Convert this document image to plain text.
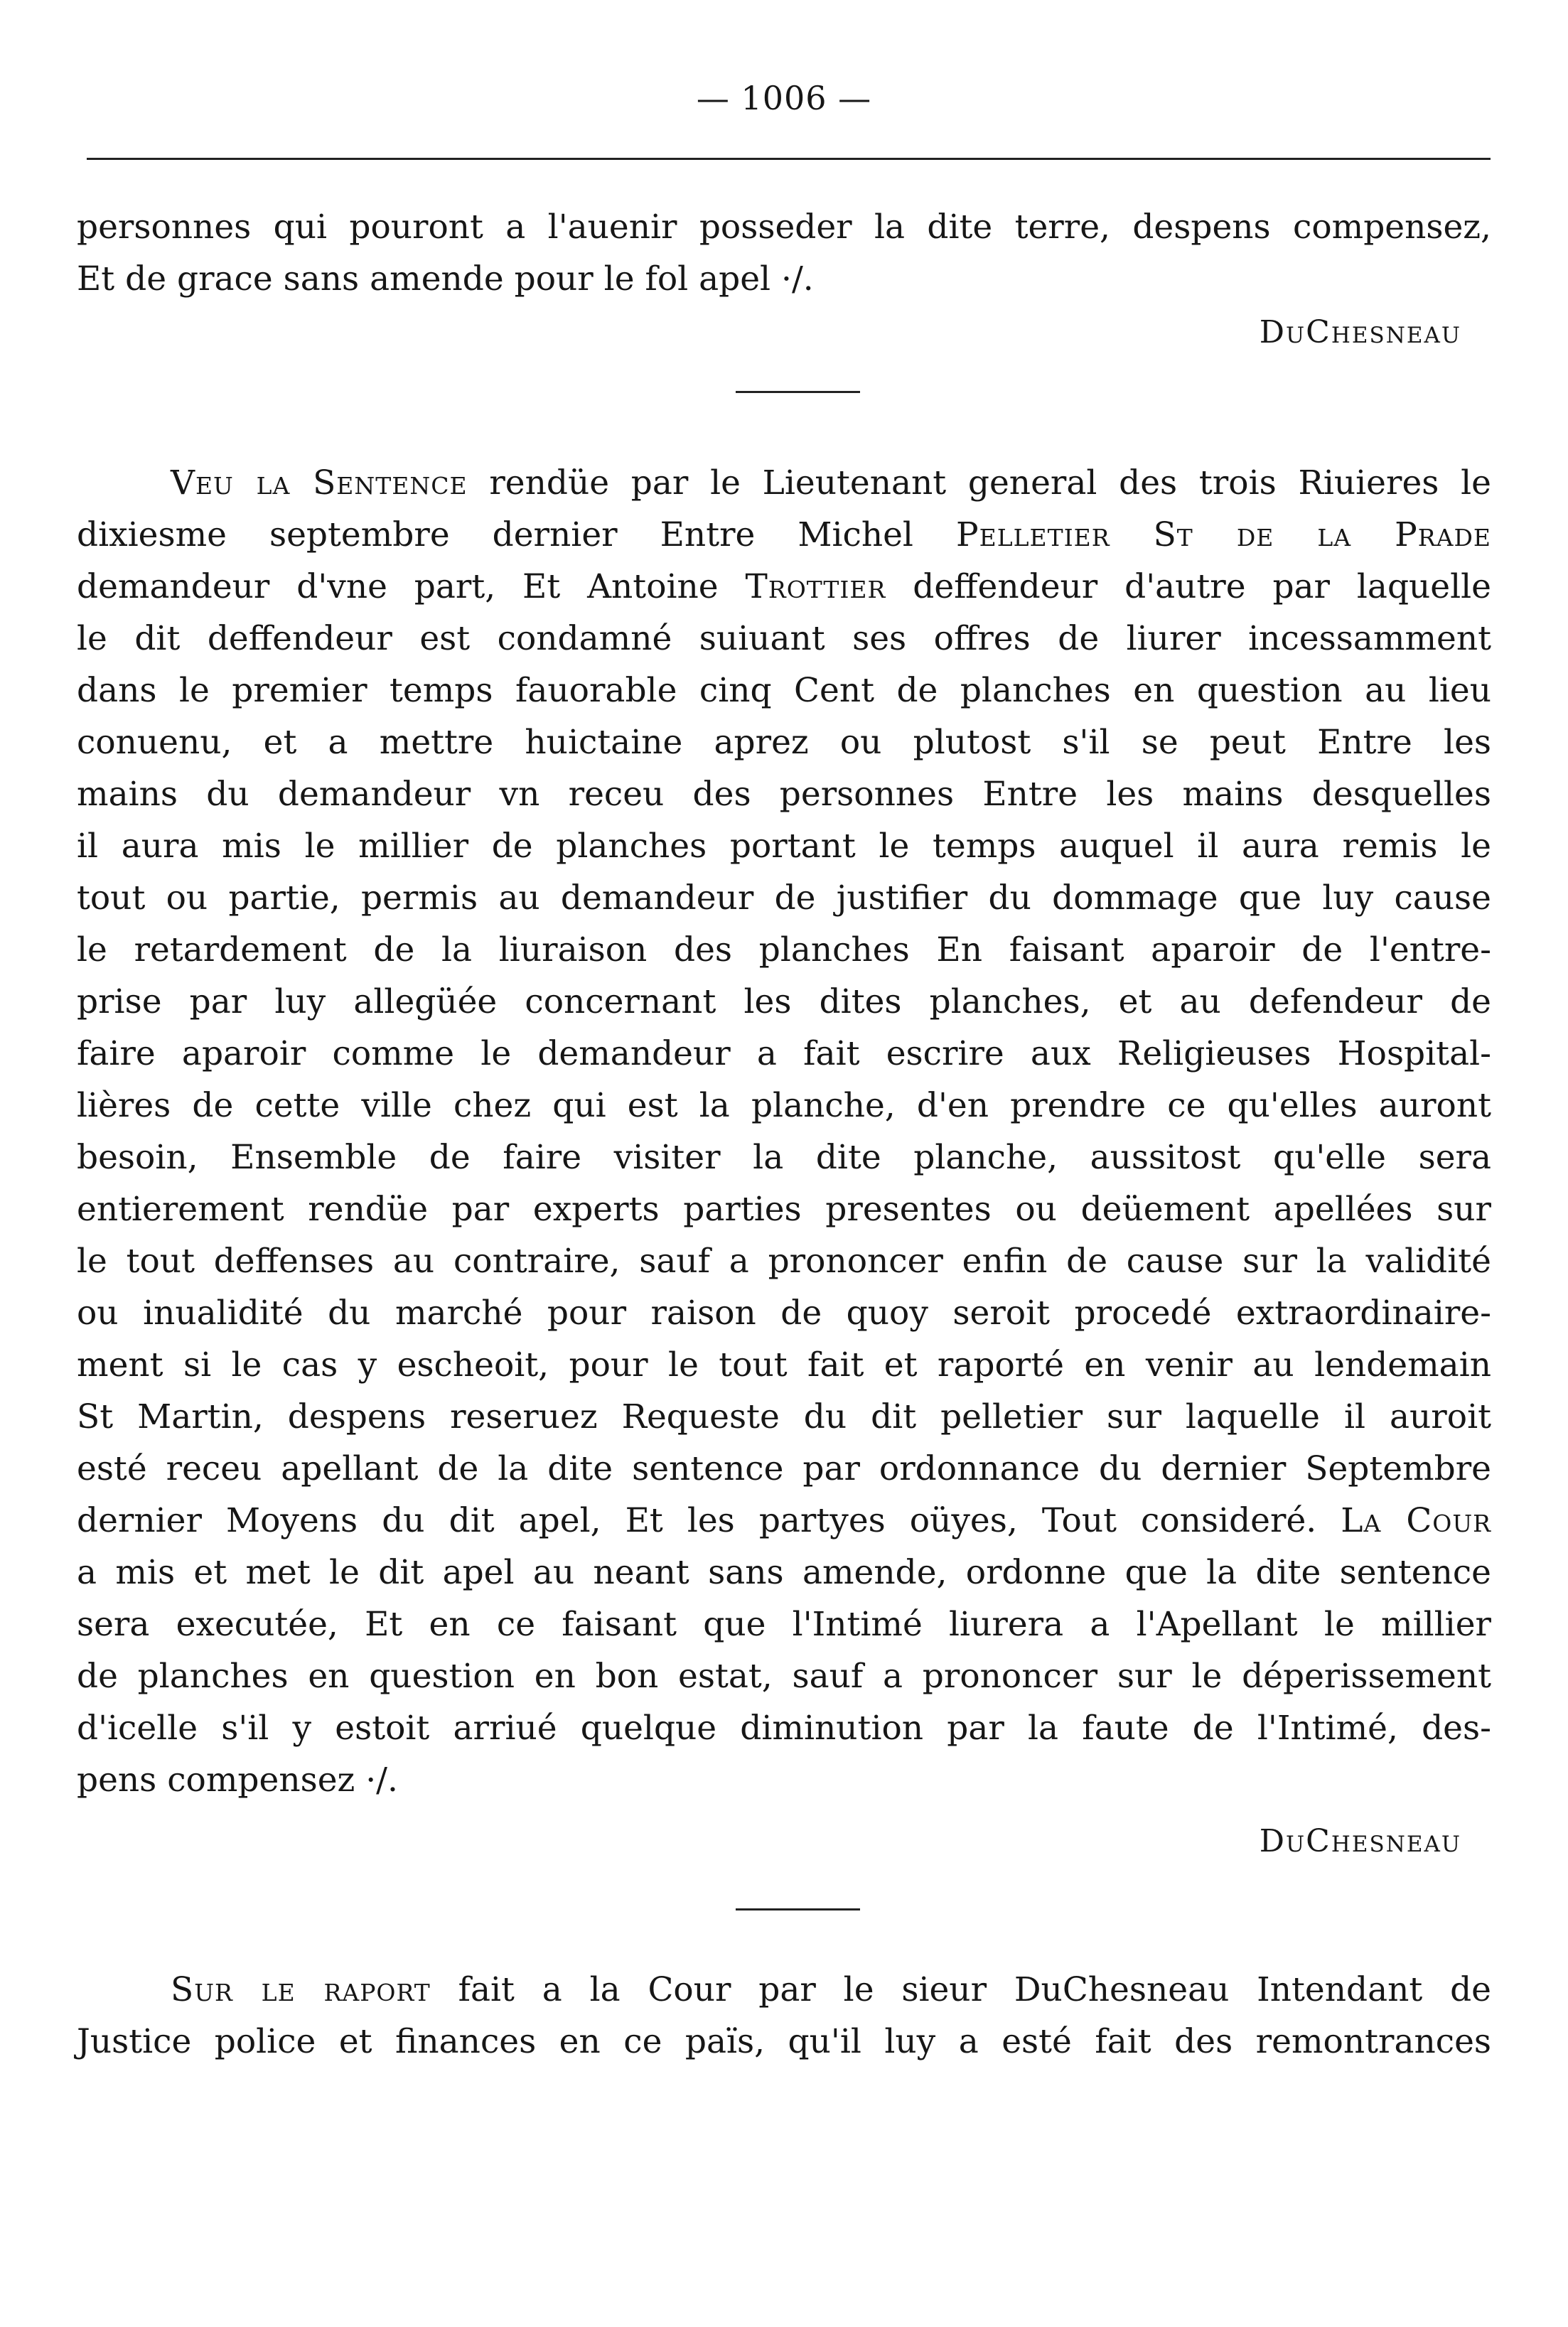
— 1006 —
personnes qui pouront a l'auenir posseder la dite terre, despens compensez,
Et de grace sans amende pour le fol apel ·/.
DuChesneau
Veu la Sentence rendüe par le Lieutenant general des trois Riuieres le
dixiesme septembre dernier Entre Michel Pelletier St de la Prade
demandeur d'vne part, Et Antoine Trottier deffendeur d'autre par laquelle
le dit deffendeur est condamné suiuant ses offres de liurer incessamment
dans le premier temps fauorable cinq Cent de planches en question au lieu
conuenu, et a mettre huictaine aprez ou plutost s'il se peut Entre les
mains du demandeur vn receu des personnes Entre les mains desquelles
il aura mis le millier de planches portant le temps auquel il aura remis le
tout ou partie, permis au demandeur de justifier du dommage que luy cause
le retardement de la liuraison des planches En faisant aparoir de l'entre-
prise par luy allegüée concernant les dites planches, et au defendeur de
faire aparoir comme le demandeur a fait escrire aux Religieuses Hospital-
lières de cette ville chez qui est la planche, d'en prendre ce qu'elles auront
besoin, Ensemble de faire visiter la dite planche, aussitost qu'elle sera
entierement rendüe par experts parties presentes ou deüement apellées sur
le tout deffenses au contraire, sauf a prononcer enfin de cause sur la validité
ou inualidité du marché pour raison de quoy seroit procedé extraordinaire-
ment si le cas y escheoit, pour le tout fait et raporté en venir au lendemain
St Martin, despens reseruez Requeste du dit pelletier sur laquelle il auroit
esté receu apellant de la dite sentence par ordonnance du dernier Septembre
dernier Moyens du dit apel, Et les partyes oüyes, Tout consideré. La Cour
a mis et met le dit apel au neant sans amende, ordonne que la dite sentence
sera executée, Et en ce faisant que l'Intimé liurera a l'Apellant le millier
de planches en question en bon estat, sauf a prononcer sur le déperissement
d'icelle s'il y estoit arriué quelque diminution par la faute de l'Intimé, des-
pens compensez ·/.
DuChesneau
Sur le raport fait a la Cour par le sieur DuChesneau Intendant de
Justice police et finances en ce païs, qu'il luy a esté fait des remontrances
